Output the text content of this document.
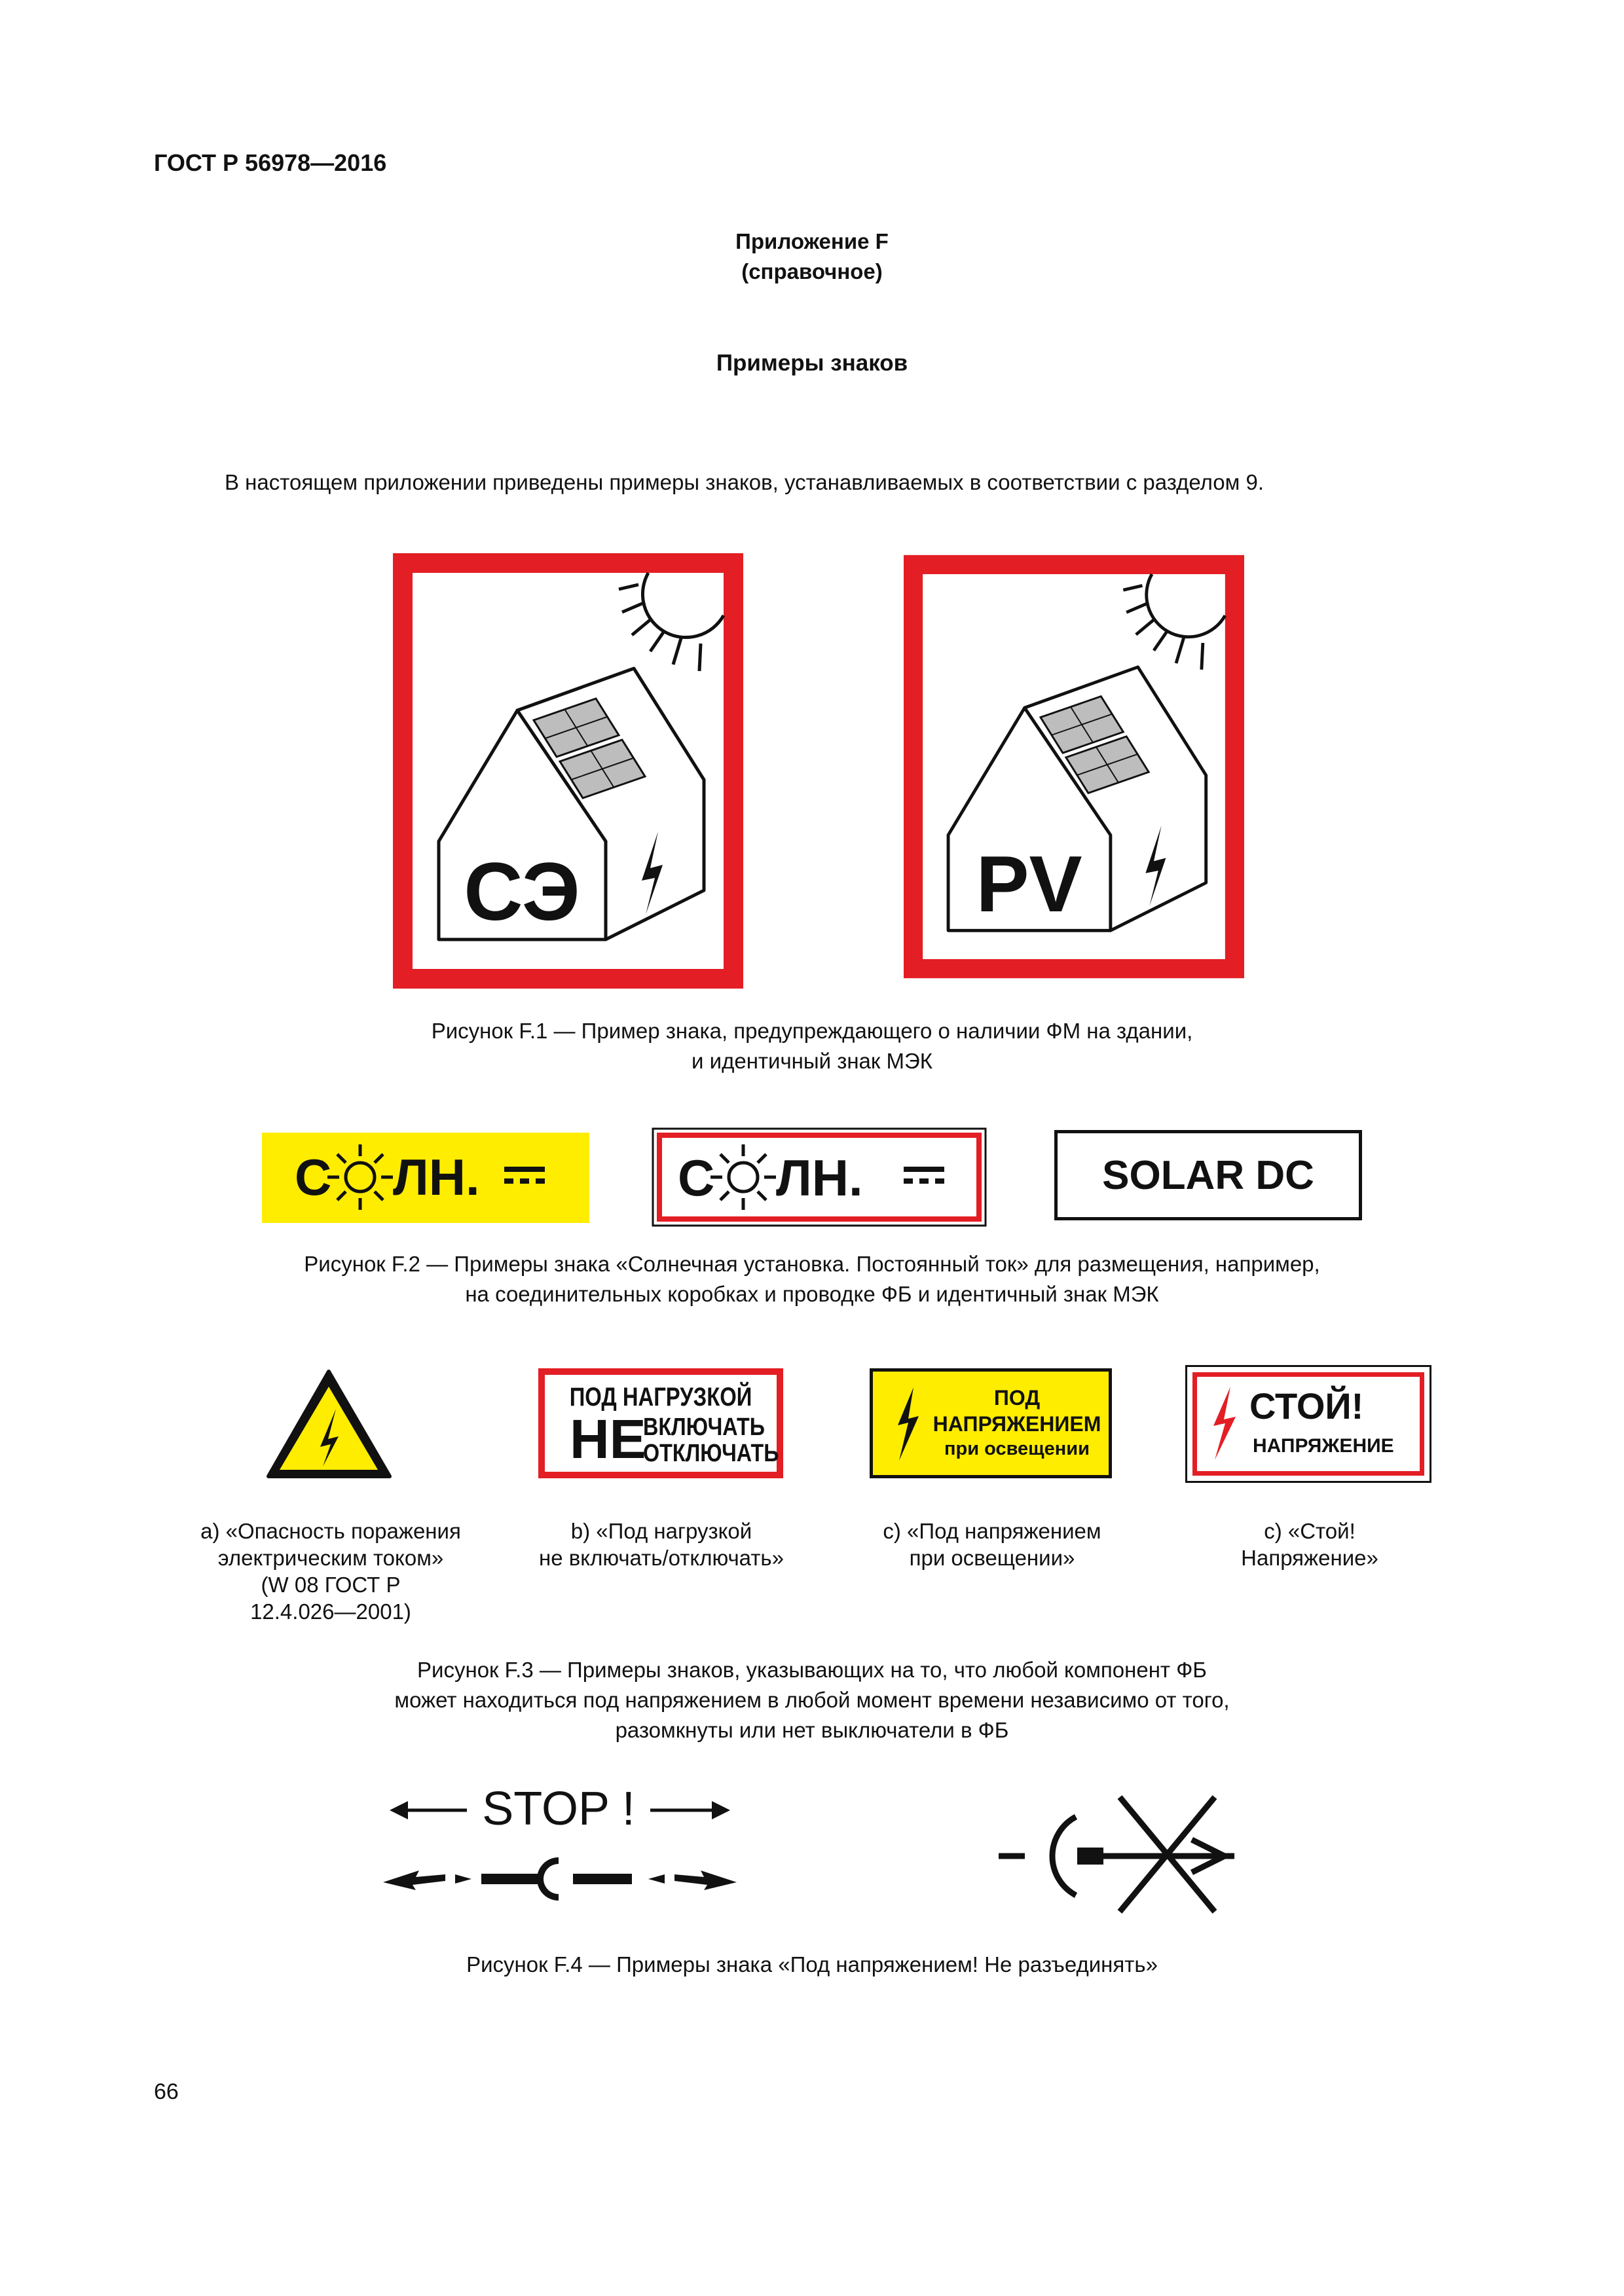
ГОСТ Р 56978—2016
Приложение F
(справочное)
Примеры знаков
В настоящем приложении приведены примеры знаков, устанавливаемых в соответствии с разделом 9.
СЭ	PV
Рисунок F.1 — Пример знака, предупреждающего о наличии ФМ на здании,
и идентичный знак МЭК
С ЛН.	С ЛН.	SOLAR DC
Рисунок F.2 — Примеры знака «Солнечная установка. Постоянный ток» для размещения, например,
на соединительных коробках и проводке ФБ и идентичный знак МЭК
ПОД НАГРУЗКОЙ
НЕ
ВКЛЮЧАТЬ
ОТКЛЮЧАТЬ
ПОД
НАПРЯЖЕНИЕМ
при освещении
СТОЙ!
НАПРЯЖЕНИЕ
а) «Опасность поражения
электрическим током»
(W 08 ГОСТ Р
12.4.026—2001)
b) «Под нагрузкой
не включать/отключать»
c) «Под напряжением
при освещении»
c) «Стой!
Напряжение»
Рисунок F.3 — Примеры знаков, указывающих на то, что любой компонент ФБ
может находиться под напряжением в любой момент времени независимо от того,
разомкнуты или нет выключатели в ФБ
STOP !
Рисунок F.4 — Примеры знака «Под напряжением! Не разъединять»
66
